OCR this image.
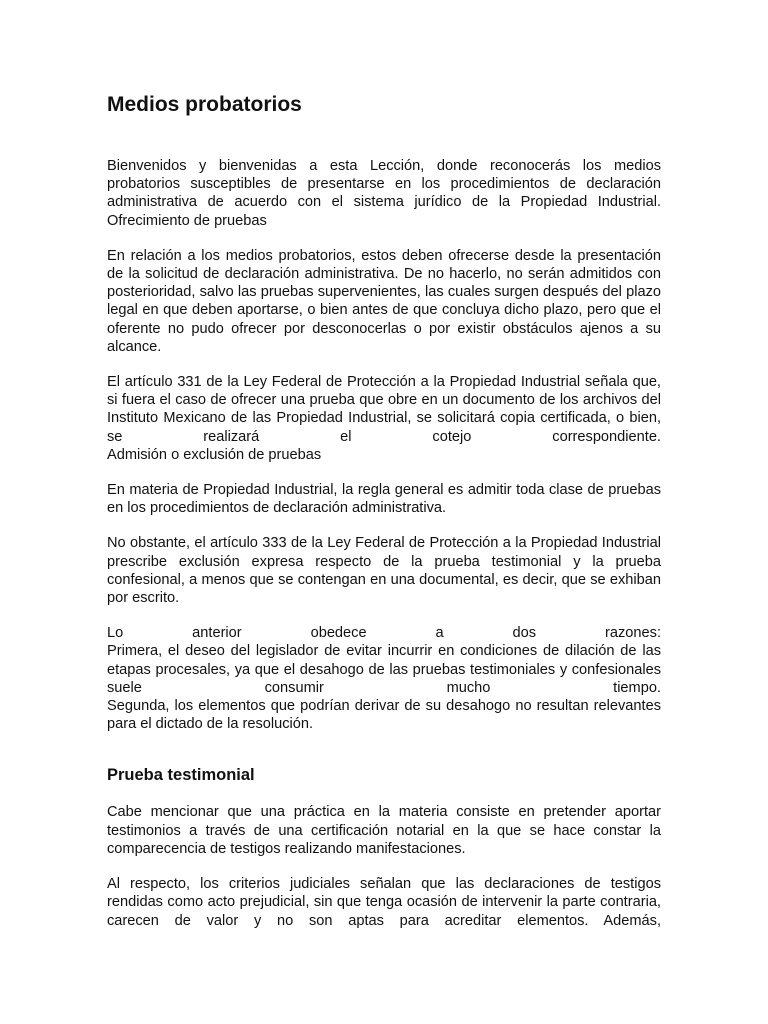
Medios probatorios
Bienvenidos y bienvenidas a esta Lección, donde reconocerás los medios probatorios susceptibles de presentarse en los procedimientos de declaración administrativa de acuerdo con el sistema jurídico de la Propiedad Industrial.
Ofrecimiento de pruebas
En relación a los medios probatorios, estos deben ofrecerse desde la presentación de la solicitud de declaración administrativa. De no hacerlo, no serán admitidos con posterioridad, salvo las pruebas supervenientes, las cuales surgen después del plazo legal en que deben aportarse, o bien antes de que concluya dicho plazo, pero que el oferente no pudo ofrecer por desconocerlas o por existir obstáculos ajenos a su alcance.
El artículo 331 de la Ley Federal de Protección a la Propiedad Industrial señala que, si fuera el caso de ofrecer una prueba que obre en un documento de los archivos del Instituto Mexicano de las Propiedad Industrial, se solicitará copia certificada, o bien, se realizará el cotejo correspondiente.
Admisión o exclusión de pruebas
En materia de Propiedad Industrial, la regla general es admitir toda clase de pruebas en los procedimientos de declaración administrativa.
No obstante, el artículo 333 de la Ley Federal de Protección a la Propiedad Industrial prescribe exclusión expresa respecto de la prueba testimonial y la prueba confesional, a menos que se contengan en una documental, es decir, que se exhiban por escrito.
Lo anterior obedece a dos razones:
Primera, el deseo del legislador de evitar incurrir en condiciones de dilación de las etapas procesales, ya que el desahogo de las pruebas testimoniales y confesionales suele consumir mucho tiempo.
Segunda, los elementos que podrían derivar de su desahogo no resultan relevantes para el dictado de la resolución.
Prueba testimonial
Cabe mencionar que una práctica en la materia consiste en pretender aportar testimonios a través de una certificación notarial en la que se hace constar la comparecencia de testigos realizando manifestaciones.
Al respecto, los criterios judiciales señalan que las declaraciones de testigos rendidas como acto prejudicial, sin que tenga ocasión de intervenir la parte contraria, carecen de valor y no son aptas para acreditar elementos. Además,
